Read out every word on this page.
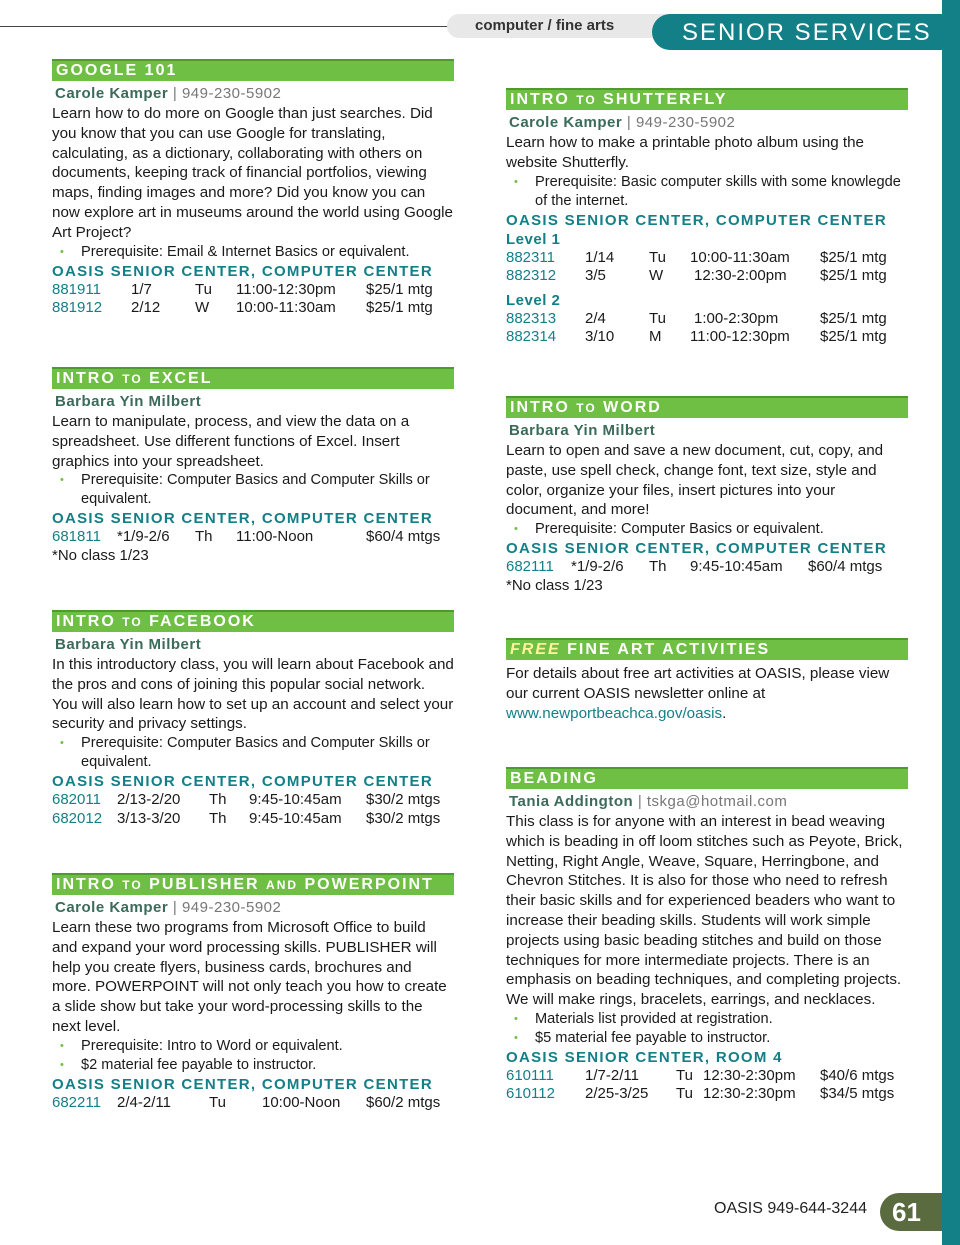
computer / fine arts	SENIOR SERVICES
GOOGLE 101
Carole Kamper | 949-230-5902
Learn how to do more on Google than just searches. Did you know that you can use Google for translating, calculating, as a dictionary, collaborating with others on documents, keeping track of financial portfolios, viewing maps, finding images and more? Did you know you can now explore art in museums around the world using Google Art Project?
• Prerequisite: Email & Internet Basics or equivalent.
OASIS SENIOR CENTER, COMPUTER CENTER
881911 1/7	Tu 11:00-12:30pm $25/1 mtg
881912 2/12 W 10:00-11:30am $25/1 mtg
INTRO TO EXCEL
Barbara Yin Milbert
Learn to manipulate, process, and view the data on a spreadsheet. Use different functions of Excel. Insert graphics into your spreadsheet.
• Prerequisite: Computer Basics and Computer Skills or equivalent.
OASIS SENIOR CENTER, COMPUTER CENTER
681811 *1/9-2/6 Th 11:00-Noon	$60/4 mtgs
*No class 1/23
INTRO TO FACEBOOK
Barbara Yin Milbert
In this introductory class, you will learn about Facebook and the pros and cons of joining this popular social network. You will also learn how to set up an account and select your security and privacy settings.
• Prerequisite: Computer Basics and Computer Skills or equivalent.
OASIS SENIOR CENTER, COMPUTER CENTER
682011 2/13-2/20 Th 9:45-10:45am $30/2 mtgs
682012 3/13-3/20 Th 9:45-10:45am $30/2 mtgs
INTRO TO PUBLISHER AND POWERPOINT
Carole Kamper | 949-230-5902
Learn these two programs from Microsoft Office to build and expand your word processing skills. PUBLISHER will help you create flyers, business cards, brochures and more. POWERPOINT will not only teach you how to create a slide show but take your word-processing skills to the next level.
• Prerequisite: Intro to Word or equivalent.
• $2 material fee payable to instructor.
OASIS SENIOR CENTER, COMPUTER CENTER
682211 2/4-2/11	Tu 10:00-Noon $60/2 mtgs
INTRO TO SHUTTERFLY
Carole Kamper | 949-230-5902
Learn how to make a printable photo album using the website Shutterfly.
• Prerequisite: Basic computer skills with some knowlegde of the internet.
OASIS SENIOR CENTER, COMPUTER CENTER
Level 1
882311 1/14 Tu 10:00-11:30am $25/1 mtg
882312 3/5	W 12:30-2:00pm $25/1 mtg
Level 2
882313 2/4	Tu 1:00-2:30pm	$25/1 mtg
882314 3/10 M 11:00-12:30pm $25/1 mtg
INTRO TO WORD
Barbara Yin Milbert
Learn to open and save a new document, cut, copy, and paste, use spell check, change font, text size, style and color, organize your files, insert pictures into your document, and more!
• Prerequisite: Computer Basics or equivalent.
OASIS SENIOR CENTER, COMPUTER CENTER
682111 *1/9-2/6 Th 9:45-10:45am $60/4 mtgs
*No class 1/23
FREE FINE ART ACTIVITIES
For details about free art activities at OASIS, please view our current OASIS newsletter online at www.newportbeachca.gov/oasis.
BEADING
Tania Addington | tskga@hotmail.com
This class is for anyone with an interest in bead weaving which is beading in off loom stitches such as Peyote, Brick, Netting, Right Angle, Weave, Square, Herringbone, and Chevron Stitches. It is also for those who need to refresh their basic skills and for experienced beaders who want to increase their beading skills. Students will work simple projects using basic beading stitches and build on those techniques for more intermediate projects. There is an emphasis on beading techniques, and completing projects. We will make rings, bracelets, earrings, and necklaces.
• Materials list provided at registration.
• $5 material fee payable to instructor.
OASIS SENIOR CENTER, ROOM 4
610111 1/7-2/11 Tu 12:30-2:30pm $40/6 mtgs
610112 2/25-3/25 Tu 12:30-2:30pm $34/5 mtgs
OASIS 949-644-3244 61
